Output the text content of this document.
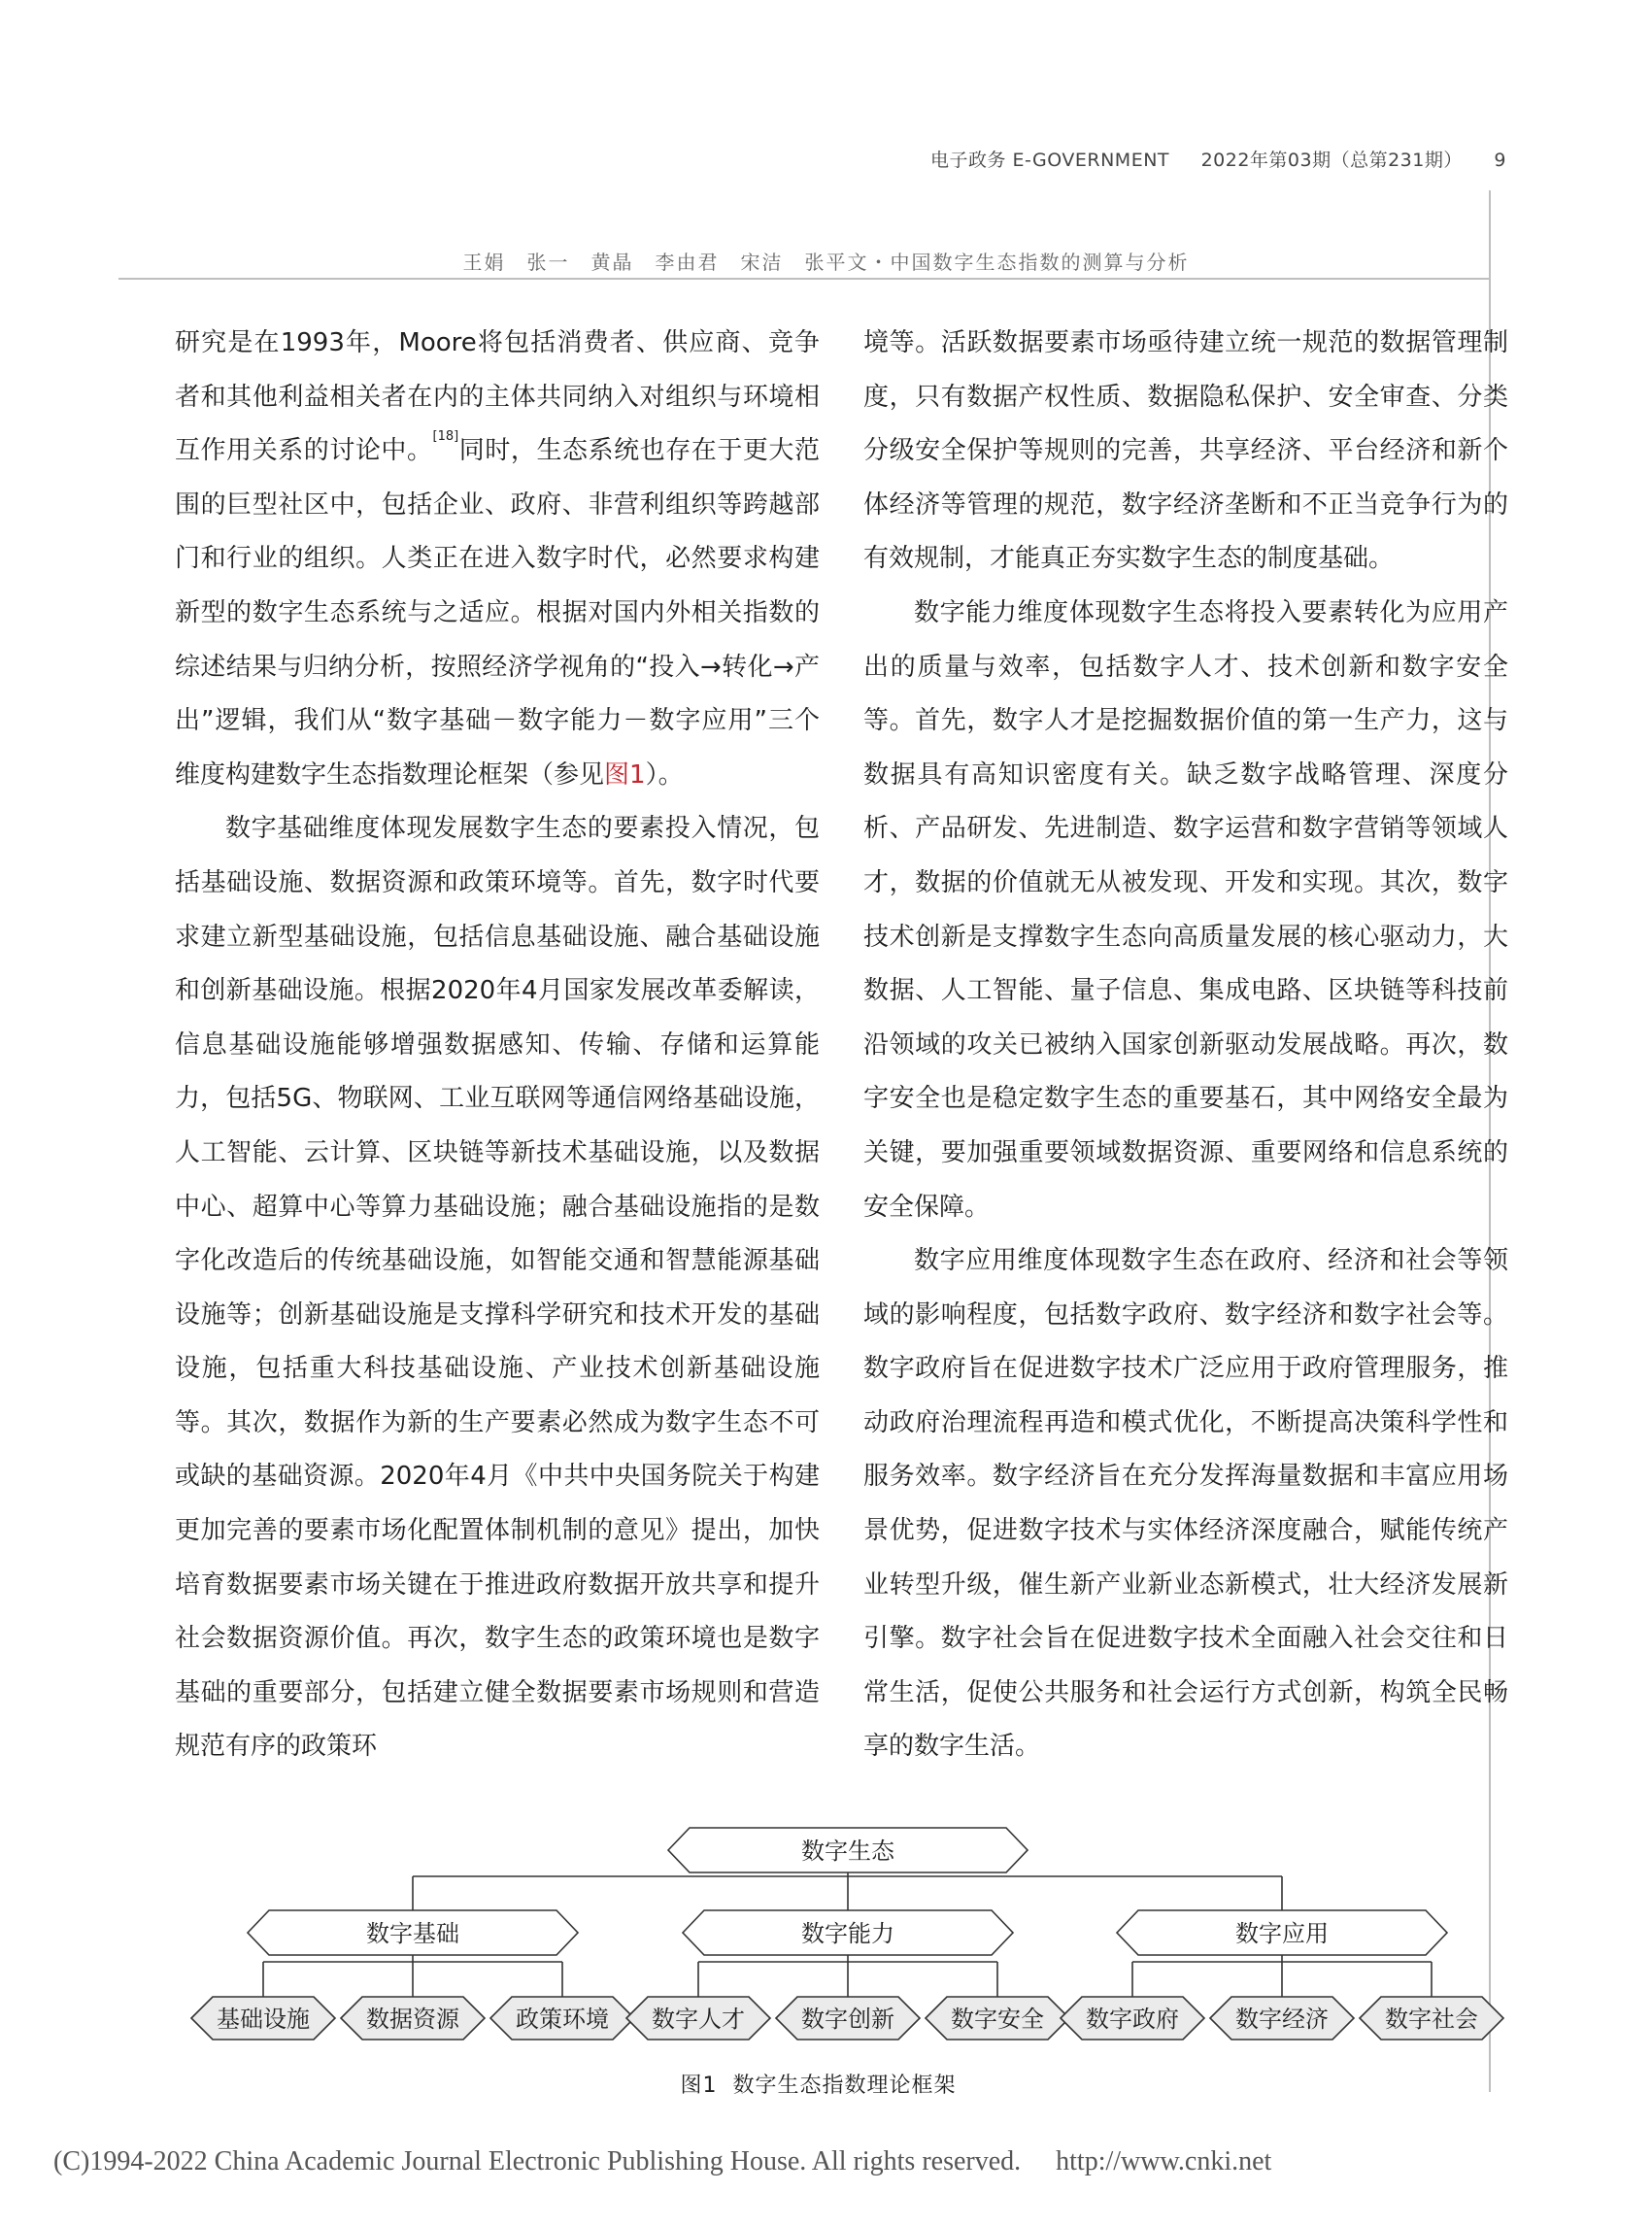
电子政务 E-GOVERNMENT 2022年第03期（总第231期） 9
王娟　张一　黄晶　李由君　宋洁　张平文・中国数字生态指数的测算与分析

研究是在1993年，Moore将包括消费者、供应商、竞争者和其他利益相关者在内的主体共同纳入对组织与环境相互作用关系的讨论中。[18]同时，生态系统也存在于更大范围的巨型社区中，包括企业、政府、非营利组织等跨越部门和行业的组织。人类正在进入数字时代，必然要求构建新型的数字生态系统与之适应。根据对国内外相关指数的综述结果与归纳分析，按照经济学视角的“投入→转化→产出”逻辑，我们从“数字基础－数字能力－数字应用”三个维度构建数字生态指数理论框架（参见图1）。

数字基础维度体现发展数字生态的要素投入情况，包括基础设施、数据资源和政策环境等。首先，数字时代要求建立新型基础设施，包括信息基础设施、融合基础设施和创新基础设施。根据2020年4月国家发展改革委解读，信息基础设施能够增强数据感知、传输、存储和运算能力，包括5G、物联网、工业互联网等通信网络基础设施，人工智能、云计算、区块链等新技术基础设施，以及数据中心、超算中心等算力基础设施；融合基础设施指的是数字化改造后的传统基础设施，如智能交通和智慧能源基础设施等；创新基础设施是支撑科学研究和技术开发的基础设施，包括重大科技基础设施、产业技术创新基础设施等。其次，数据作为新的生产要素必然成为数字生态不可或缺的基础资源。2020年4月《中共中央国务院关于构建更加完善的要素市场化配置体制机制的意见》提出，加快培育数据要素市场关键在于推进政府数据开放共享和提升社会数据资源价值。再次，数字生态的政策环境也是数字基础的重要部分，包括建立健全数据要素市场规则和营造规范有序的政策环

境等。活跃数据要素市场亟待建立统一规范的数据管理制度，只有数据产权性质、数据隐私保护、安全审查、分类分级安全保护等规则的完善，共享经济、平台经济和新个体经济等管理的规范，数字经济垄断和不正当竞争行为的有效规制，才能真正夯实数字生态的制度基础。

数字能力维度体现数字生态将投入要素转化为应用产出的质量与效率，包括数字人才、技术创新和数字安全等。首先，数字人才是挖掘数据价值的第一生产力，这与数据具有高知识密度有关。缺乏数字战略管理、深度分析、产品研发、先进制造、数字运营和数字营销等领域人才，数据的价值就无从被发现、开发和实现。其次，数字技术创新是支撑数字生态向高质量发展的核心驱动力，大数据、人工智能、量子信息、集成电路、区块链等科技前沿领域的攻关已被纳入国家创新驱动发展战略。再次，数字安全也是稳定数字生态的重要基石，其中网络安全最为关键，要加强重要领域数据资源、重要网络和信息系统的安全保障。

数字应用维度体现数字生态在政府、经济和社会等领域的影响程度，包括数字政府、数字经济和数字社会等。数字政府旨在促进数字技术广泛应用于政府管理服务，推动政府治理流程再造和模式优化，不断提高决策科学性和服务效率。数字经济旨在充分发挥海量数据和丰富应用场景优势，促进数字技术与实体经济深度融合，赋能传统产业转型升级，催生新产业新业态新模式，壮大经济发展新引擎。数字社会旨在促进数字技术全面融入社会交往和日常生活，促使公共服务和社会运行方式创新，构筑全民畅享的数字生活。

数字生态
数字基础
基础设施 数据资源 政策环境
数字能力
数字人才 数字创新 数字安全
数字应用
数字政府 数字经济 数字社会
图1 数字生态指数理论框架
(C)1994-2022 China Academic Journal Electronic Publishing House. All rights reserved. http://www.cnki.net
